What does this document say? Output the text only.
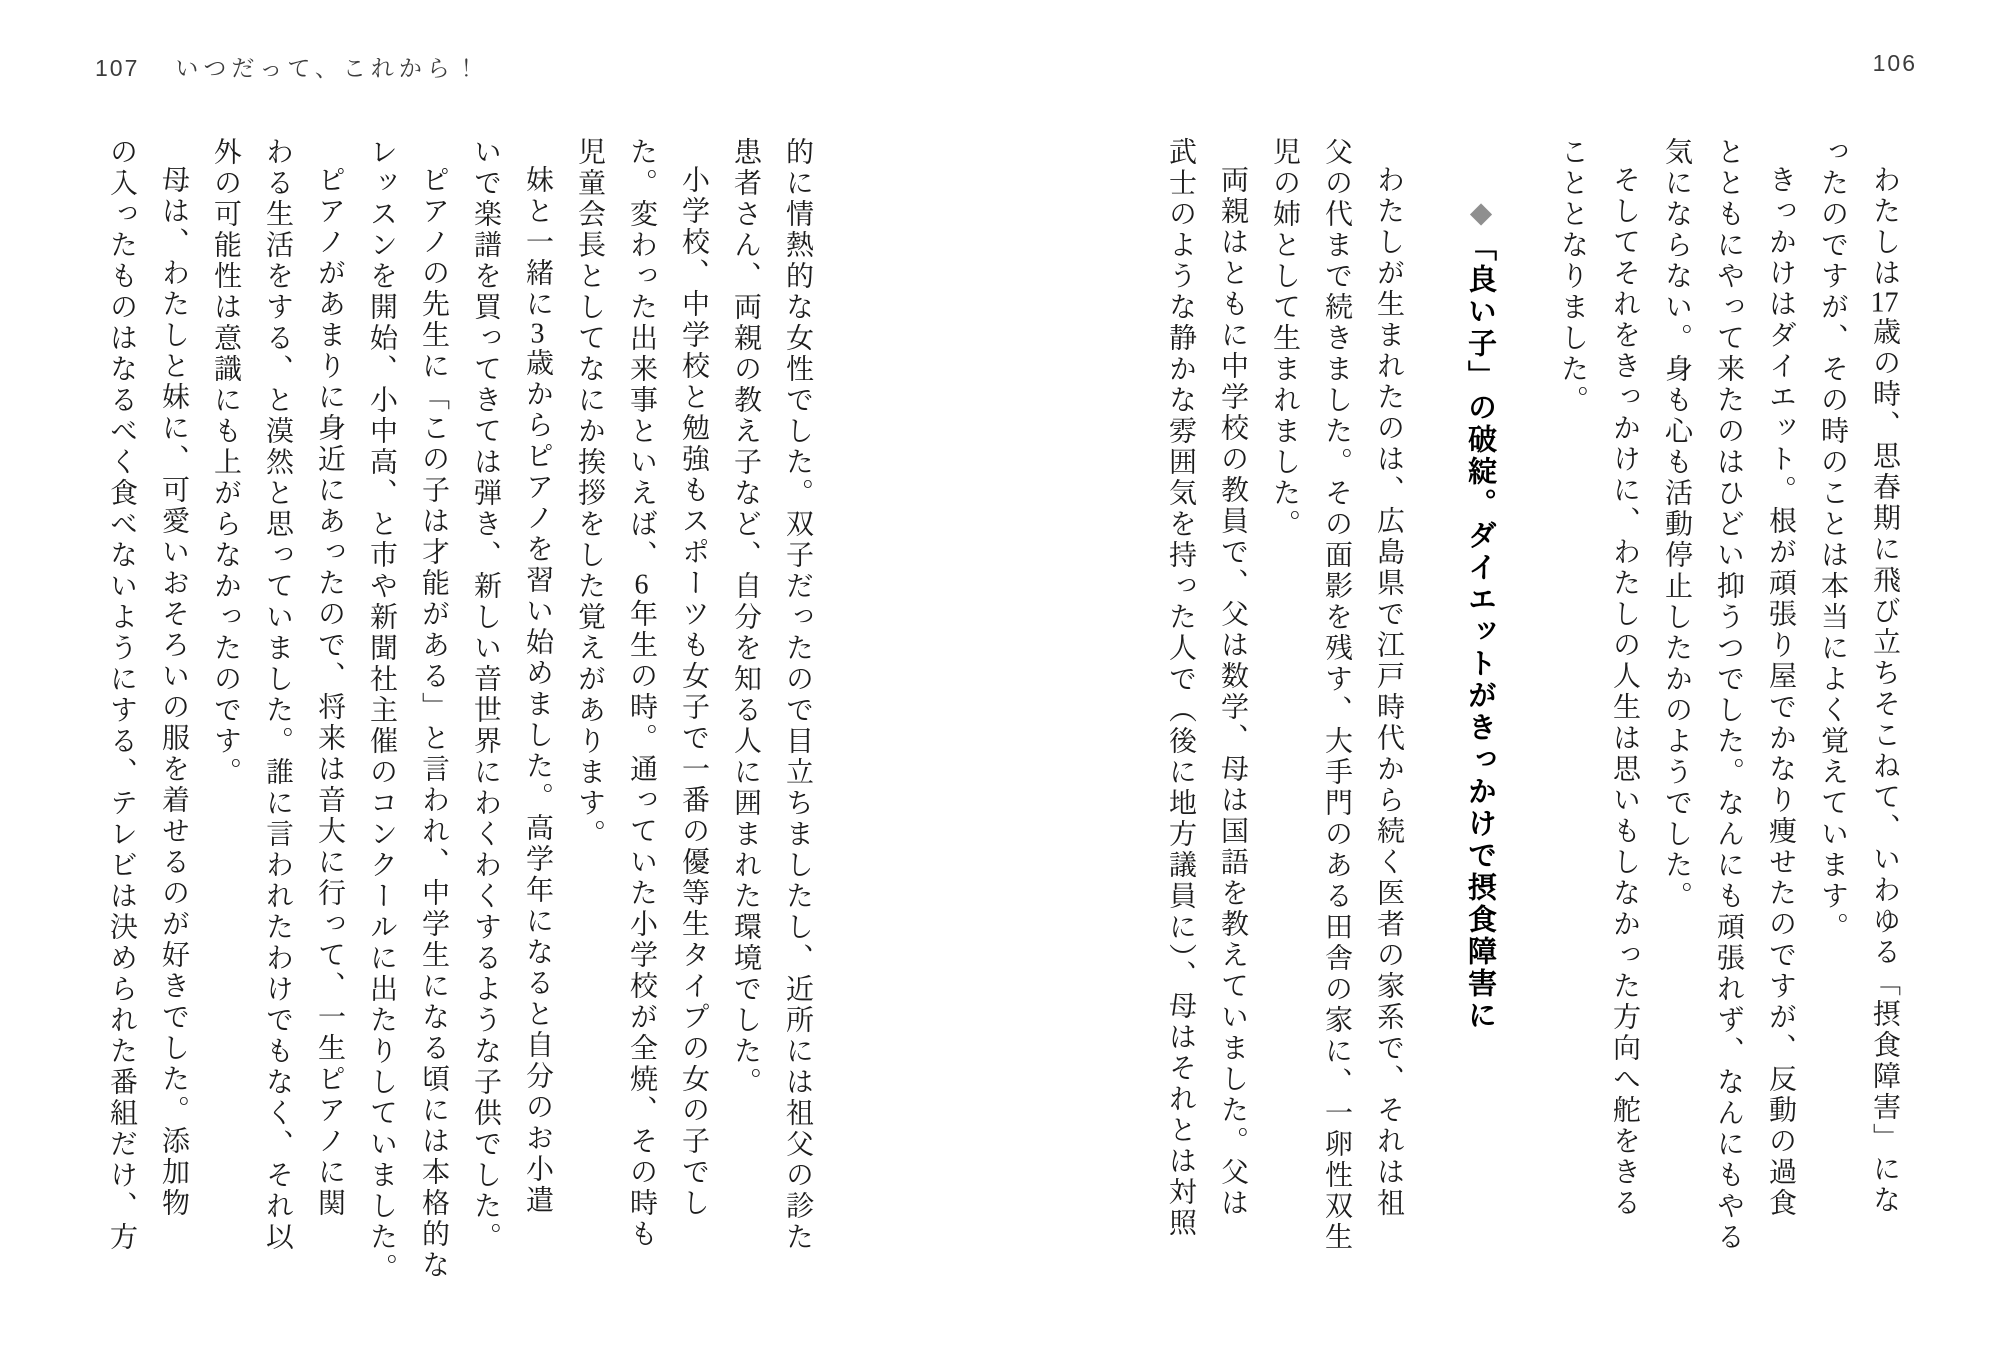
107 いつだって、これから！	106
わたしは17歳の時、思春期に飛び立ちそこねて、いわゆる「摂食障害」にな
ったのですが、その時のことは本当によく覚えています。
きっかけはダイエット。根が頑張り屋でかなり痩せたのですが、反動の過食
とともにやって来たのはひどい抑うつでした。なんにも頑張れず、なんにもやる
気にならない。身も心も活動停止したかのようでした。
そしてそれをきっかけに、わたしの人生は思いもしなかった方向へ舵をきる
こととなりました。
◆「良い子」の破綻。ダイエットがきっかけで摂食障害に
わたしが生まれたのは、広島県で江戸時代から続く医者の家系で、それは祖
父の代まで続きました。その面影を残す、大手門のある田舎の家に、一卵性双生
児の姉として生まれました。
両親はともに中学校の教員で、父は数学、母は国語を教えていました。父は
武士のような静かな雰囲気を持った人で（後に地方議員に）、母はそれとは対照
的に情熱的な女性でした。双子だったので目立ちましたし、近所には祖父の診た
患者さん、両親の教え子など、自分を知る人に囲まれた環境でした。
小学校、中学校と勉強もスポーツも女子で一番の優等生タイプの女の子でし
た。変わった出来事といえば、6年生の時。通っていた小学校が全焼、その時も
児童会長としてなにか挨拶をした覚えがあります。
妹と一緒に3歳からピアノを習い始めました。高学年になると自分のお小遣
いで楽譜を買ってきては弾き、新しい音世界にわくわくするような子供でした。
ピアノの先生に「この子は才能がある」と言われ、中学生になる頃には本格的な
レッスンを開始、小中高、と市や新聞社主催のコンクールに出たりしていました。
ピアノがあまりに身近にあったので、将来は音大に行って、一生ピアノに関
わる生活をする、と漠然と思っていました。誰に言われたわけでもなく、それ以
外の可能性は意識にも上がらなかったのです。
母は、わたしと妹に、可愛いおそろいの服を着せるのが好きでした。添加物
の入ったものはなるべく食べないようにする、テレビは決められた番組だけ、方
